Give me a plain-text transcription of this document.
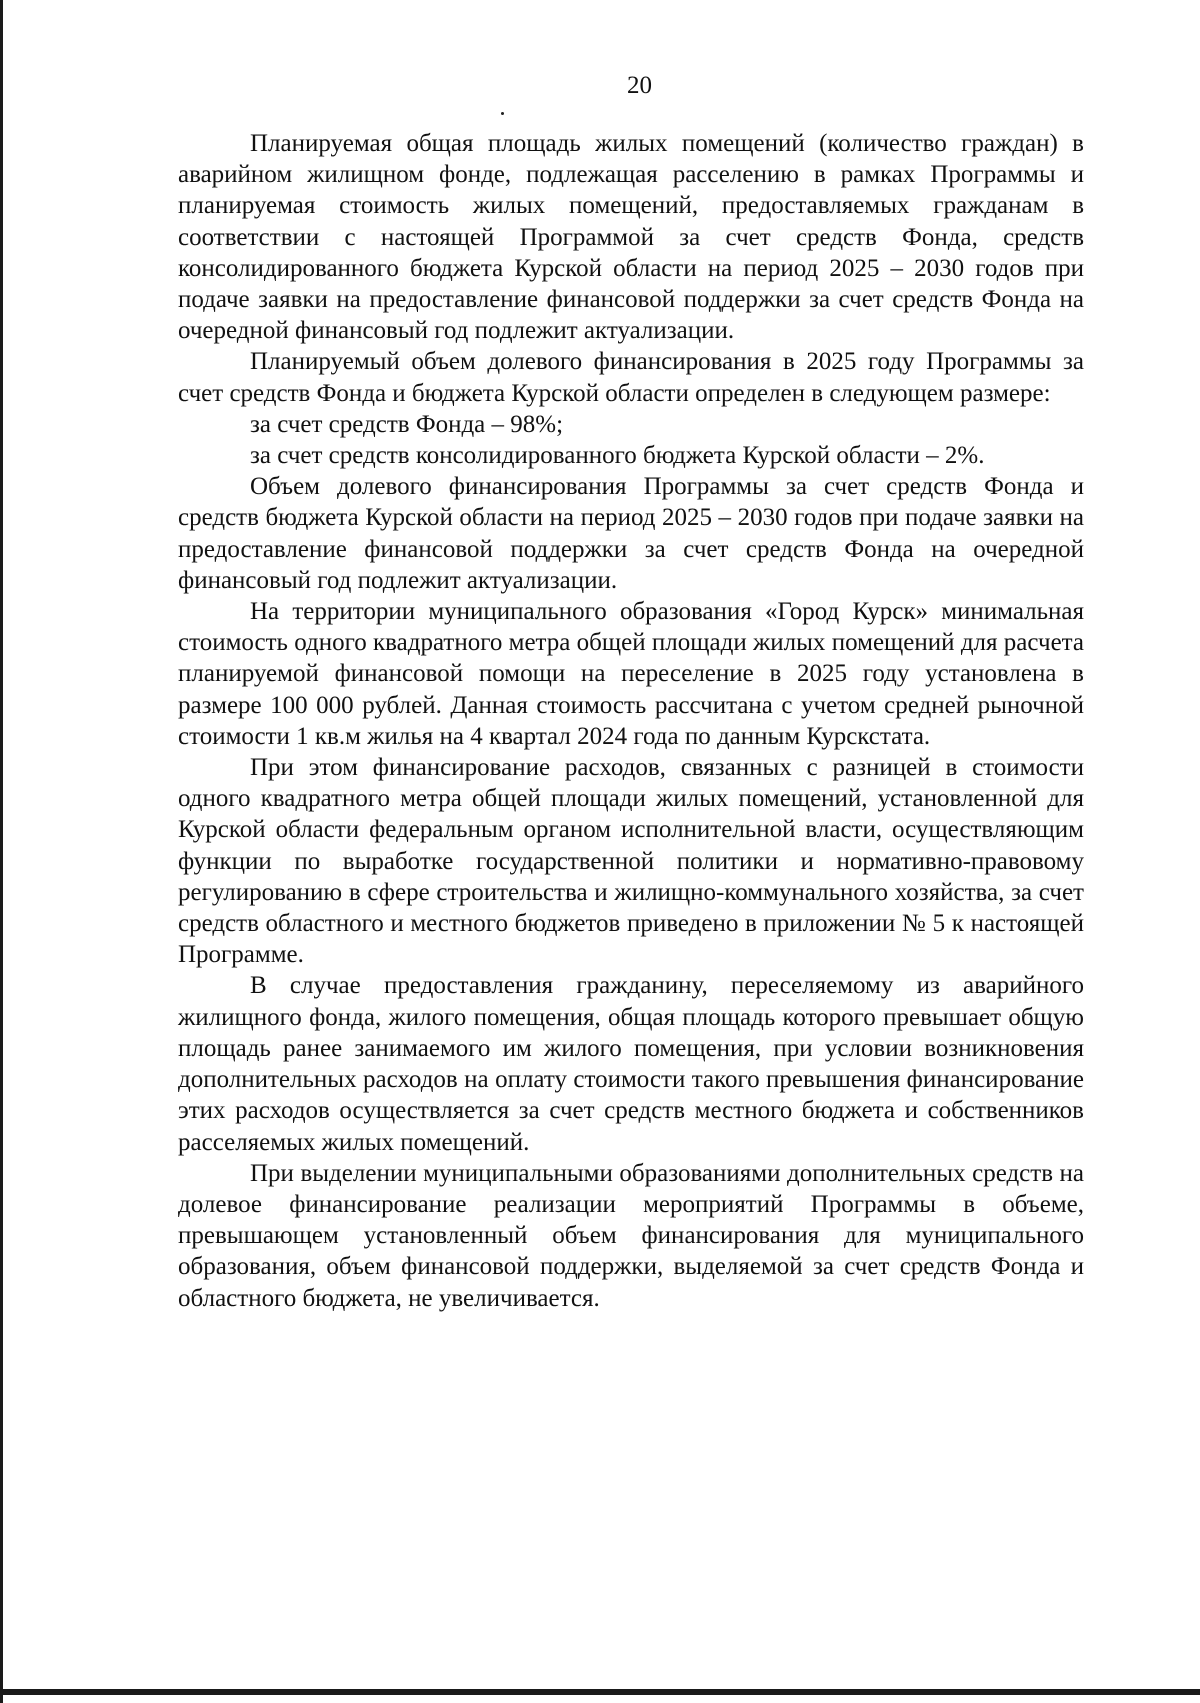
20

Планируемая общая площадь жилых помещений (количество граждан) в аварийном жилищном фонде, подлежащая расселению в рамках Программы и планируемая стоимость жилых помещений, предоставляемых гражданам в соответствии с настоящей Программой за счет средств Фонда, средств консолидированного бюджета Курской области на период 2025 – 2030 годов при подаче заявки на предоставление финансовой поддержки за счет средств Фонда на очередной финансовый год подлежит актуализации.

Планируемый объем долевого финансирования в 2025 году Программы за счет средств Фонда и бюджета Курской области определен в следующем размере:

за счет средств Фонда – 98%;

за счет средств консолидированного бюджета Курской области – 2%.

Объем долевого финансирования Программы за счет средств Фонда и средств бюджета Курской области на период 2025 – 2030 годов при подаче заявки на предоставление финансовой поддержки за счет средств Фонда на очередной финансовый год подлежит актуализации.

На территории муниципального образования «Город Курск» минимальная стоимость одного квадратного метра общей площади жилых помещений для расчета планируемой финансовой помощи на переселение в 2025 году установлена в размере 100 000 рублей. Данная стоимость рассчитана с учетом средней рыночной стоимости 1 кв.м жилья на 4 квартал 2024 года по данным Курскстата.

При этом финансирование расходов, связанных с разницей в стоимости одного квадратного метра общей площади жилых помещений, установленной для Курской области федеральным органом исполнительной власти, осуществляющим функции по выработке государственной политики и нормативно-правовому регулированию в сфере строительства и жилищно-коммунального хозяйства, за счет средств областного и местного бюджетов приведено в приложении № 5 к настоящей Программе.

В случае предоставления гражданину, переселяемому из аварийного жилищного фонда, жилого помещения, общая площадь которого превышает общую площадь ранее занимаемого им жилого помещения, при условии возникновения дополнительных расходов на оплату стоимости такого превышения финансирование этих расходов осуществляется за счет средств местного бюджета и собственников расселяемых жилых помещений.

При выделении муниципальными образованиями дополнительных средств на долевое финансирование реализации мероприятий Программы в объеме, превышающем установленный объем финансирования для муниципального образования, объем финансовой поддержки, выделяемой за счет средств Фонда и областного бюджета, не увеличивается.
